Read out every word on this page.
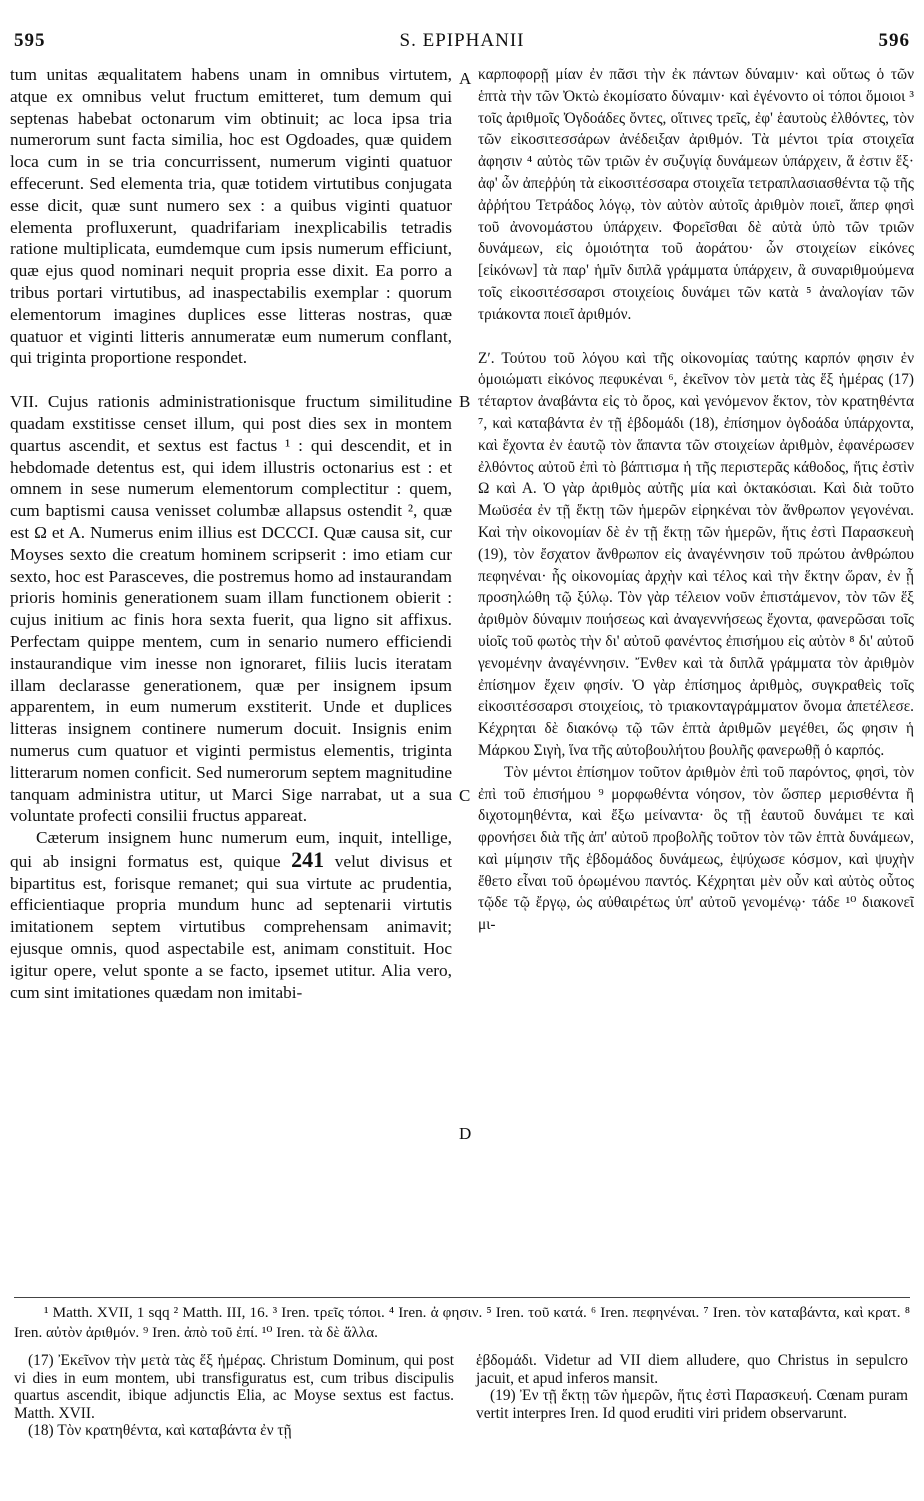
595	S. EPIPHANII	596

tum unitas æqualitatem habens unam in omnibus virtutem, atque ex omnibus velut fructum emitteret, tum demum qui septenas habebat octonarum vim obtinuit; ac loca ipsa tria numerorum sunt facta similia, hoc est Ogdoades, quæ quidem loca cum in se tria concurrissent, numerum viginti quatuor effecerunt. Sed elementa tria, quæ totidem virtutibus conjugata esse dicit, quæ sunt numero sex : a quibus viginti quatuor elementa profluxerunt, quadrifariam inexplicabilis tetradis ratione multiplicata, eumdemque cum ipsis numerum efficiunt, quæ ejus quod nominari nequit propria esse dixit. Ea porro a tribus portari virtutibus, ad inaspectabilis exemplar : quorum elementorum imagines duplices esse litteras nostras, quæ quatuor et viginti litteris annumeratæ eum numerum conflant, qui triginta proportione respondet.

VII. Cujus rationis administrationisque fructum similitudine quadam exstitisse censet illum, qui post dies sex in montem quartus ascendit, et sextus est factus ¹ : qui descendit, et in hebdomade detentus est, qui idem illustris octonarius est : et omnem in sese numerum elementorum complectitur : quem, cum baptismi causa venisset columbæ allapsus ostendit ², quæ est Ω et A. Numerus enim illius est DCCCI. Quæ causa sit, cur Moyses sexto die creatum hominem scripserit : imo etiam cur sexto, hoc est Parasceves, die postremus homo ad instaurandam prioris hominis generationem suam illam functionem obierit : cujus initium ac finis hora sexta fuerit, qua ligno sit affixus. Perfectam quippe mentem, cum in senario numero efficiendi instaurandique vim inesse non ignoraret, filiis lucis iteratam illam declarasse generationem, quæ per insignem ipsum apparentem, in eum numerum exstiterit. Unde et duplices litteras insignem continere numerum docuit. Insignis enim numerus cum quatuor et viginti permistus elementis, triginta litterarum nomen conficit. Sed numerorum septem magnitudine tanquam administra utitur, ut Marci Sige narrabat, ut a sua voluntate profecti consilii fructus appareat.

Cæterum insignem hunc numerum eum, inquit, intellige, qui ab insigni formatus est, quique 241 velut divisus et bipartitus est, forisque remanet; qui sua virtute ac prudentia, efficientiaque propria mundum hunc ad septenarii virtutis imitationem septem virtutibus comprehensam animavit; ejusque omnis, quod aspectabile est, animam constituit. Hoc igitur opere, velut sponte a se facto, ipsemet utitur. Alia vero, cum sint imitationes quædam non imitabi-

A
B
C
D

καρποφορῇ μίαν ἐν πᾶσι τὴν ἐκ πάντων δύναμιν· καὶ οὕτως ὁ τῶν ἑπτὰ τὴν τῶν Ὀκτὼ ἐκομίσατο δύναμιν· καὶ ἐγένοντο οἱ τόποι ὅμοιοι ³ τοῖς ἀριθμοῖς Ὀγδοάδες ὄντες, οἵτινες τρεῖς, ἐφ' ἑαυτοὺς ἐλθόντες, τὸν τῶν εἰκοσιτεσσάρων ἀνέδειξαν ἀριθμόν. Τὰ μέντοι τρία στοιχεῖα ἀφησιν ⁴ αὐτὸς τῶν τριῶν ἐν συζυγίᾳ δυνάμεων ὑπάρχειν, ἅ ἐστιν ἕξ· ἀφ' ὧν ἀπεῤῥύη τὰ εἰκοσιτέσσαρα στοιχεῖα τετραπλασιασθέντα τῷ τῆς ἀῤῥήτου Τετράδος λόγῳ, τὸν αὐτὸν αὐτοῖς ἀριθμὸν ποιεῖ, ἅπερ φησὶ τοῦ ἀνονομάστου ὑπάρχειν. Φορεῖσθαι δὲ αὐτὰ ὑπὸ τῶν τριῶν δυνάμεων, εἰς ὁμοιότητα τοῦ ἀοράτου· ὧν στοιχείων εἰκόνες [εἰκόνων] τὰ παρ' ἡμῖν διπλᾶ γράμματα ὑπάρχειν, ἃ συναριθμούμενα τοῖς εἰκοσιτέσσαρσι στοιχείοις δυνάμει τῶν κατὰ ⁵ ἀναλογίαν τῶν τριάκοντα ποιεῖ ἀριθμόν.

Ζʹ. Τούτου τοῦ λόγου καὶ τῆς οἰκονομίας ταύτης καρπόν φησιν ἐν ὁμοιώματι εἰκόνος πεφυκέναι ⁶, ἐκεῖνον τὸν μετὰ τὰς ἕξ ἡμέρας (17) τέταρτον ἀναβάντα εἰς τὸ ὄρος, καὶ γενόμενον ἕκτον, τὸν κρατηθέντα ⁷, καὶ καταβάντα ἐν τῇ ἑβδομάδι (18), ἐπίσημον ὀγδοάδα ὑπάρχοντα, καὶ ἔχοντα ἐν ἑαυτῷ τὸν ἅπαντα τῶν στοιχείων ἀριθμὸν, ἐφανέρωσεν ἐλθόντος αὐτοῦ ἐπὶ τὸ βάπτισμα ἡ τῆς περιστερᾶς κάθοδος, ἥτις ἐστὶν Ω καὶ Α. Ὁ γὰρ ἀριθμὸς αὐτῆς μία καὶ ὀκτακόσιαι. Καὶ διὰ τοῦτο Μωϋσέα ἐν τῇ ἕκτῃ τῶν ἡμερῶν εἰρηκέναι τὸν ἄνθρωπον γεγονέναι. Καὶ τὴν οἰκονομίαν δὲ ἐν τῇ ἕκτῃ τῶν ἡμερῶν, ἥτις ἐστὶ Παρασκευὴ (19), τὸν ἔσχατον ἄνθρωπον εἰς ἀναγέννησιν τοῦ πρώτου ἀνθρώπου πεφηνέναι· ἧς οἰκονομίας ἀρχὴν καὶ τέλος καὶ τὴν ἕκτην ὥραν, ἐν ᾗ προσηλώθη τῷ ξύλῳ. Τὸν γὰρ τέλειον νοῦν ἐπιστάμενον, τὸν τῶν ἕξ ἀριθμὸν δύναμιν ποιήσεως καὶ ἀναγεννήσεως ἔχοντα, φανερῶσαι τοῖς υἱοῖς τοῦ φωτὸς τὴν δι' αὐτοῦ φανέντος ἐπισήμου εἰς αὐτὸν ⁸ δι' αὐτοῦ γενομένην ἀναγέννησιν. Ἔνθεν καὶ τὰ διπλᾶ γράμματα τὸν ἀριθμὸν ἐπίσημον ἔχειν φησίν. Ὁ γὰρ ἐπίσημος ἀριθμὸς, συγκραθεὶς τοῖς εἰκοσιτέσσαρσι στοιχείοις, τὸ τριακονταγράμματον ὄνομα ἀπετέλεσε. Κέχρηται δὲ διακόνῳ τῷ τῶν ἑπτὰ ἀριθμῶν μεγέθει, ὥς φησιν ἡ Μάρκου Σιγὴ, ἵνα τῆς αὐτοβουλήτου βουλῆς φανερωθῇ ὁ καρπός.

Τὸν μέντοι ἐπίσημον τοῦτον ἀριθμὸν ἐπὶ τοῦ παρόντος, φησὶ, τὸν ἐπὶ τοῦ ἐπισήμου ⁹ μορφωθέντα νόησον, τὸν ὥσπερ μερισθέντα ἢ διχοτομηθέντα, καὶ ἔξω μείναντα· ὃς τῇ ἑαυτοῦ δυνάμει τε καὶ φρονήσει διὰ τῆς ἀπ' αὐτοῦ προβολῆς τοῦτον τὸν τῶν ἑπτὰ δυνάμεων, καὶ μίμησιν τῆς ἑβδομάδος δυνάμεως, ἐψύχωσε κόσμον, καὶ ψυχὴν ἔθετο εἶναι τοῦ ὁρωμένου παντός. Κέχρηται μὲν οὖν καὶ αὐτὸς οὗτος τῷδε τῷ ἔργῳ, ὡς αὐθαιρέτως ὑπ' αὐτοῦ γενομένῳ· τάδε ¹⁰ διακονεῖ μι-

¹ Matth. XVII, 1 sqq ² Matth. III, 16. ³ Iren. τρεῖς τόποι. ⁴ Iren. ἀ φησιν. ⁵ Iren. τοῦ κατά. ⁶ Iren. πεφηνέναι. ⁷ Iren. τὸν καταβάντα, καὶ κρατ. ⁸ Iren. αὐτὸν ἀριθμόν. ⁹ Iren. ἀπὸ τοῦ ἐπί. ¹⁰ Iren. τὰ δὲ ἄλλα.

(17) Ἐκεῖνον τὴν μετὰ τὰς ἕξ ἡμέρας. Christum Dominum, qui post vi dies in eum montem, ubi transfiguratus est, cum tribus discipulis quartus ascendit, ibique adjunctis Elia, ac Moyse sextus est factus. Matth. XVII.

(18) Τὸν κρατηθέντα, καὶ καταβάντα ἐν τῇ

ἑβδομάδι. Videtur ad VII diem alludere, quo Christus in sepulcro jacuit, et apud inferos mansit.

(19) Ἐν τῇ ἕκτῃ τῶν ἡμερῶν, ἥτις ἐστὶ Παρασκευή. Cœnam puram vertit interpres Iren. Id quod eruditi viri pridem observarunt.
